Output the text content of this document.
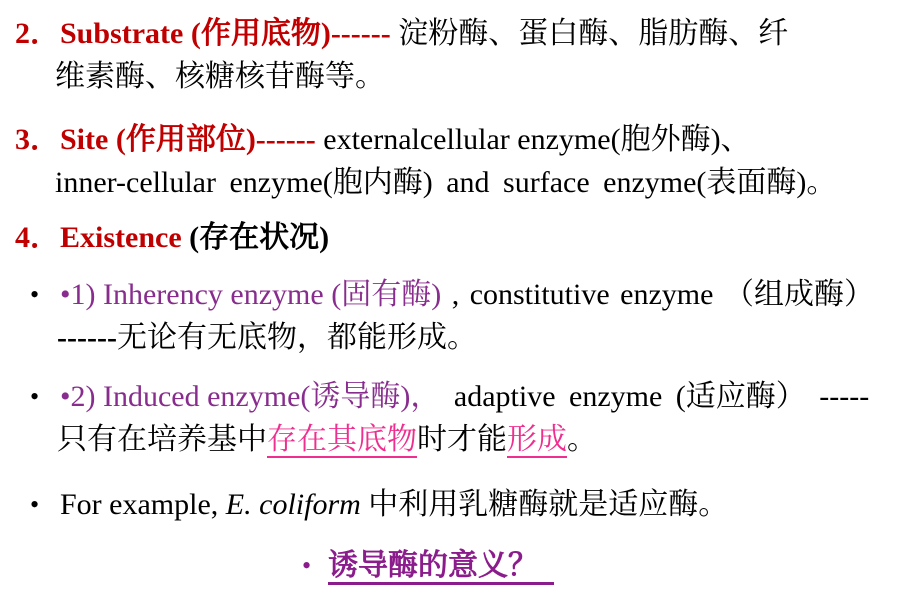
2．Substrate (作用底物)------ 淀粉酶、蛋白酶、脂肪酶、纤
维素酶、核糖核苷酶等。
3．Site (作用部位)------ externalcellular enzyme(胞外酶)、
inner-cellular enzyme(胞内酶) and surface enzyme(表面酶)。
4．Existence (存在状况)
• •1) Inherency enzyme (固有酶) , constitutive enzyme （组成酶）
------无论有无底物，都能形成。
• •2) Induced enzyme(诱导酶)， adaptive enzyme (适应酶） -----
只有在培养基中存在其底物时才能形成。
• For example, E. coliform 中利用乳糖酶就是适应酶。
• 诱导酶的意义？
